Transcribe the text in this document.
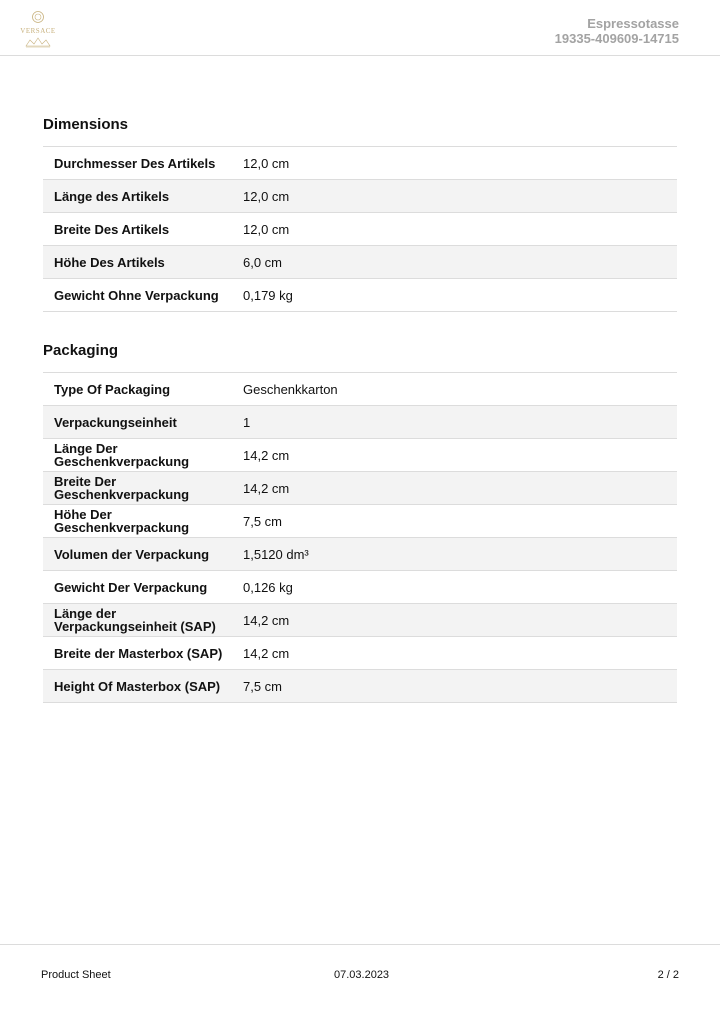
VERSACE	Espressotasse
19335-409609-14715
Dimensions
Durchmesser Des Artikels	12,0 cm
Länge des Artikels	12,0 cm
Breite Des Artikels	12,0 cm
Höhe Des Artikels	6,0 cm
Gewicht Ohne Verpackung	0,179 kg
Packaging
Type Of Packaging	Geschenkkarton
Verpackungseinheit	1
Länge Der Geschenkverpackung	14,2 cm
Breite Der Geschenkverpackung	14,2 cm
Höhe Der Geschenkverpackung	7,5 cm
Volumen der Verpackung	1,5120 dm³
Gewicht Der Verpackung	0,126 kg
Länge der Verpackungseinheit (SAP)	14,2 cm
Breite der Masterbox (SAP)	14,2 cm
Height Of Masterbox (SAP)	7,5 cm
Product Sheet	07.03.2023	2 / 2
